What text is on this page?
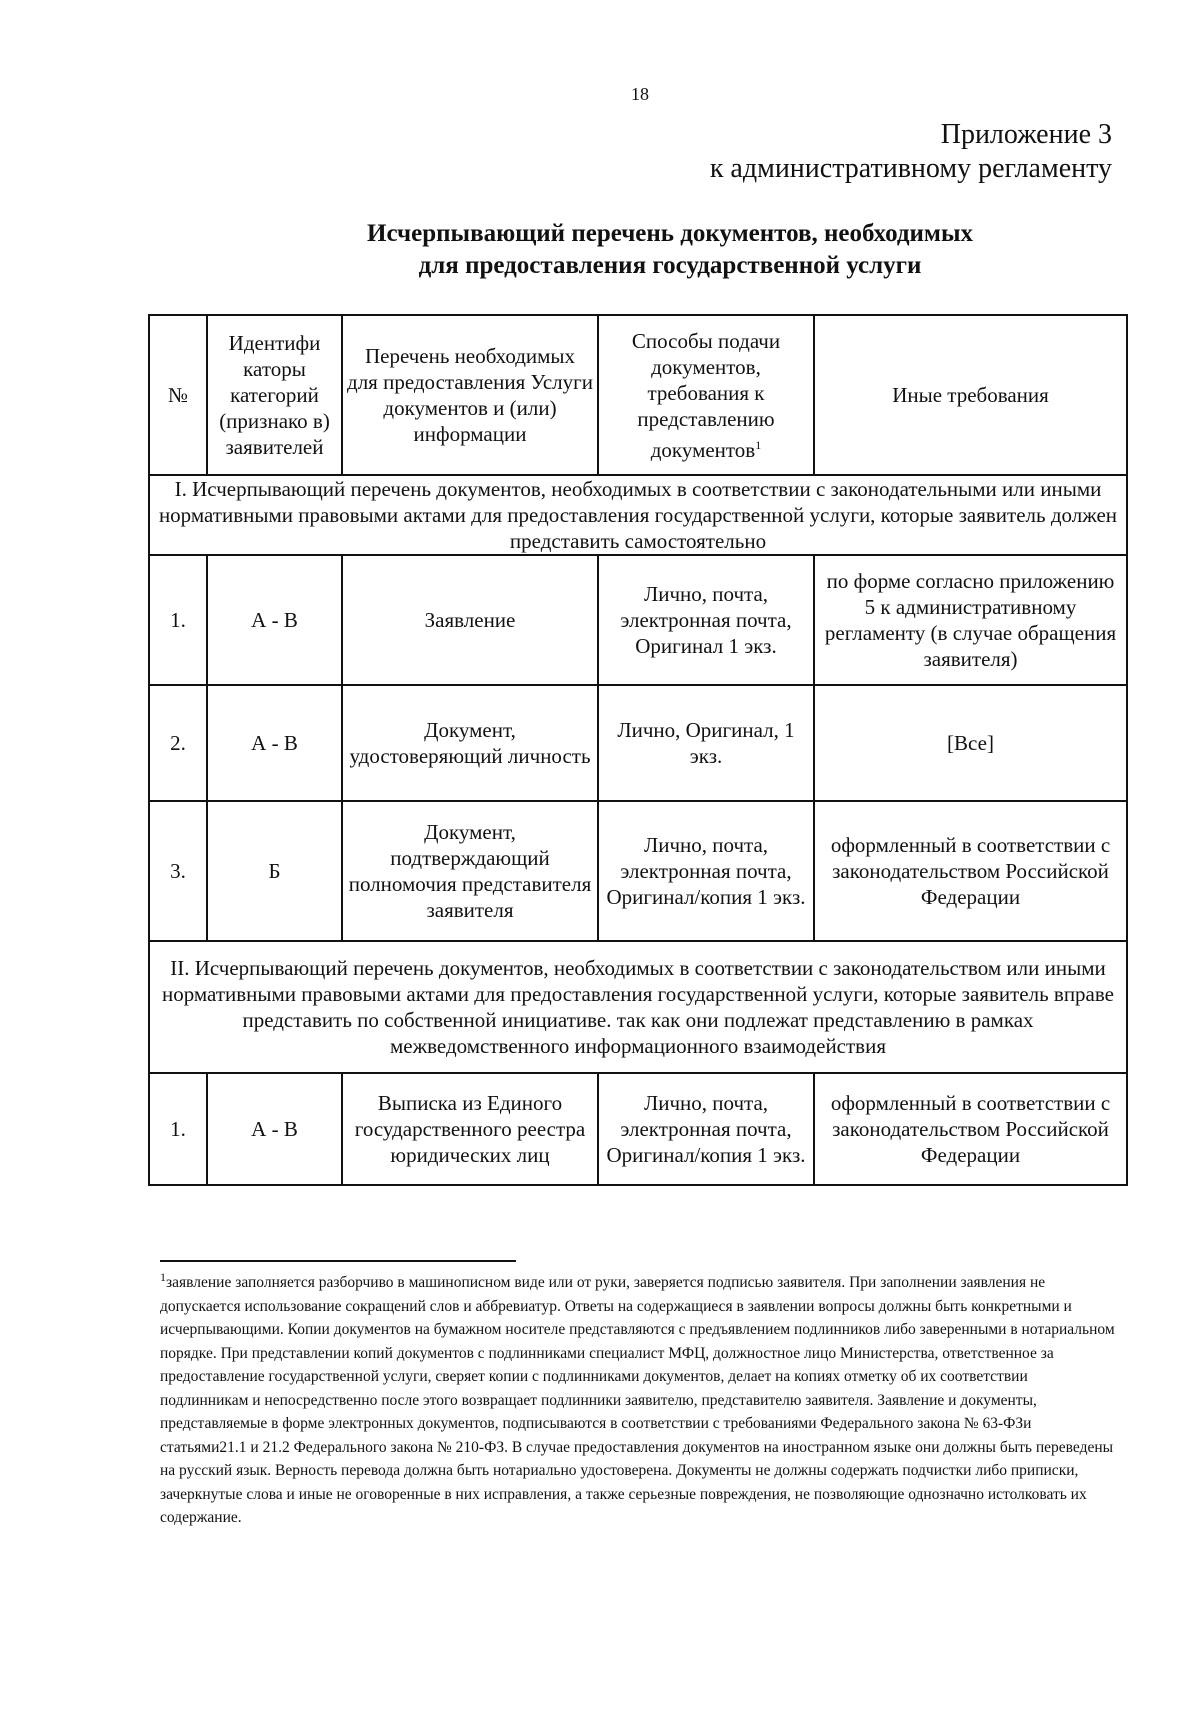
18
Приложение 3
к административному регламенту
Исчерпывающий перечень документов, необходимых
для предоставления государственной услуги
№	Идентифи каторы категорий (признако в) заявителей	Перечень необходимых для предоставления Услуги документов и (или) информации	Способы подачи документов, требования к представлению документов$^1$	Иные требования
I. Исчерпывающий перечень документов, необходимых в соответствии с законодательными или иными нормативными правовыми актами для предоставления государственной услуги, которые заявитель должен представить самостоятельно				
1.	А - В	Заявление	Лично, почта, электронная почта, Оригинал 1 экз.	по форме согласно приложению 5 к административному регламенту (в случае обращения заявителя)
2.	А - В	Документ, удостоверяющий личность	Лично, Оригинал, 1 экз.	[Все]
3.	Б	Документ, подтверждающий полномочия представителя заявителя	Лично, почта, электронная почта, Оригинал/копия 1 экз.	оформленный в соответствии с законодательством Российской Федерации
II. Исчерпывающий перечень документов, необходимых в соответствии с законодательством или иными нормативными правовыми актами для предоставления государственной услуги, которые заявитель вправе представить по собственной инициативе. так как они подлежат представлению в рамках межведомственного информационного взаимодействия				
1.	А - В	Выписка из Единого государственного реестра юридических лиц	Лично, почта, электронная почта, Оригинал/копия 1 экз.	оформленный в соответствии с законодательством Российской Федерации
$^1$заявление заполняется разборчиво в машинописном виде или от руки, заверяется подписью заявителя. При заполнении заявления не допускается использование сокращений слов и аббревиатур. Ответы на содержащиеся в заявлении вопросы должны быть конкретными и исчерпывающими. Копии документов на бумажном носителе представляются с предъявлением подлинников либо заверенными в нотариальном порядке. При представлении копий документов с подлинниками специалист МФЦ, должностное лицо Министерства, ответственное за предоставление государственной услуги, сверяет копии с подлинниками документов, делает на копиях отметку об их соответствии подлинникам и непосредственно после этого возвращает подлинники заявителю, представителю заявителя. Заявление и документы, представляемые в форме электронных документов, подписываются в соответствии с требованиями Федерального закона № 63-ФЗи статьями21.1 и 21.2 Федерального закона № 210-ФЗ. В случае предоставления документов на иностранном языке они должны быть переведены на русский язык. Верность перевода должна быть нотариально удостоверена. Документы не должны содержать подчистки либо приписки, зачеркнутые слова и иные не оговоренные в них исправления, а также серьезные повреждения, не позволяющие однозначно истолковать их содержание.
